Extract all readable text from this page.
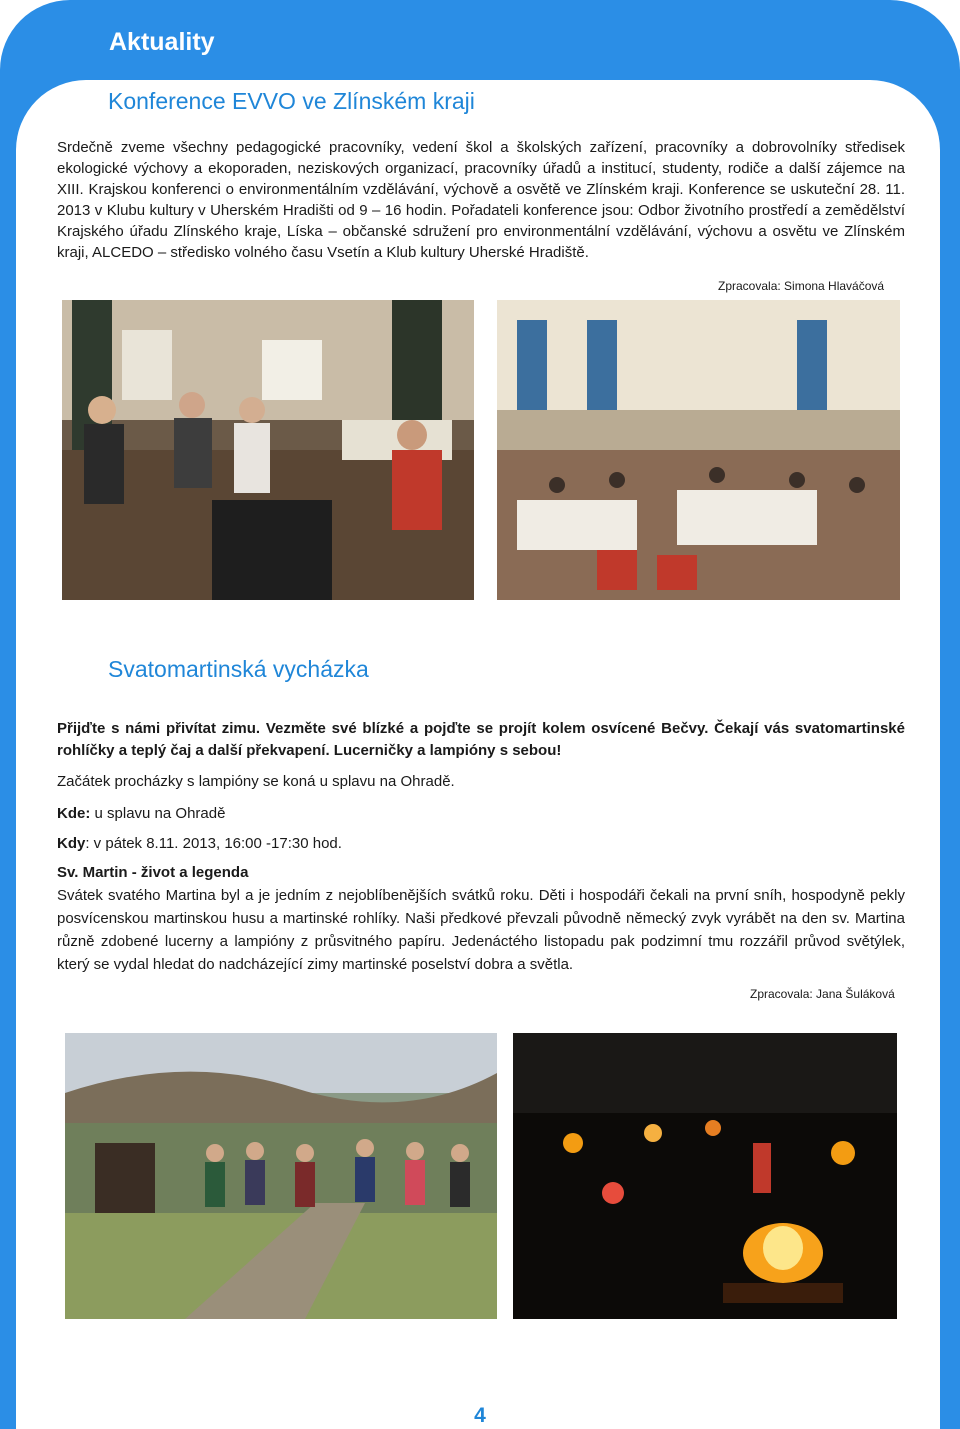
Aktuality
Konference EVVO ve Zlínském kraji

Srdečně zveme všechny pedagogické pracovníky, vedení škol a školských zařízení, pracovníky a dobrovolníky středisek ekologické výchovy a ekoporaden, neziskových organizací, pracovníky úřadů a institucí, studenty, rodiče a další zájemce na XIII. Krajskou konferenci o environmentálním vzdělávání, výchově a osvětě ve Zlínském kraji. Konference se uskuteční 28. 11. 2013 v Klubu kultury v Uherském Hradišti od 9 – 16 hodin. Pořadateli konference jsou: Odbor životního prostředí a zemědělství Krajského úřadu Zlínského kraje, Líska – občanské sdružení pro environmentální vzdělávání, výchovu a osvětu ve Zlínském kraji, ALCEDO – středisko volného času Vsetín a Klub kultury Uherské Hradiště.

Zpracovala: Simona Hlaváčová

Svatomartinská vycházka

Přijďte s námi přivítat zimu. Vezměte své blízké a pojďte se projít kolem osvícené Bečvy. Čekají vás svatomartinské rohlíčky a teplý čaj a další překvapení. Lucerničky a lampióny s sebou!

Začátek procházky s lampióny se koná u splavu na Ohradě.

Kde: u splavu na Ohradě

Kdy: v pátek 8.11. 2013, 16:00 -17:30 hod.

Sv. Martin - život a legenda

Svátek svatého Martina byl a je jedním z nejoblíbenějších svátků roku. Děti i hospodáři čekali na první sníh, hospodyně pekly posvícenskou martinskou husu a martinské rohlíky. Naši předkové převzali původně německý zvyk vyrábět na den sv. Martina různě zdobené lucerny a lampióny z průsvitného papíru. Jedenáctého listopadu pak podzimní tmu rozzářil průvod světýlek, který se vydal hledat do nadcházející zimy martinské poselství dobra a světla.

Zpracovala: Jana Šuláková

4
